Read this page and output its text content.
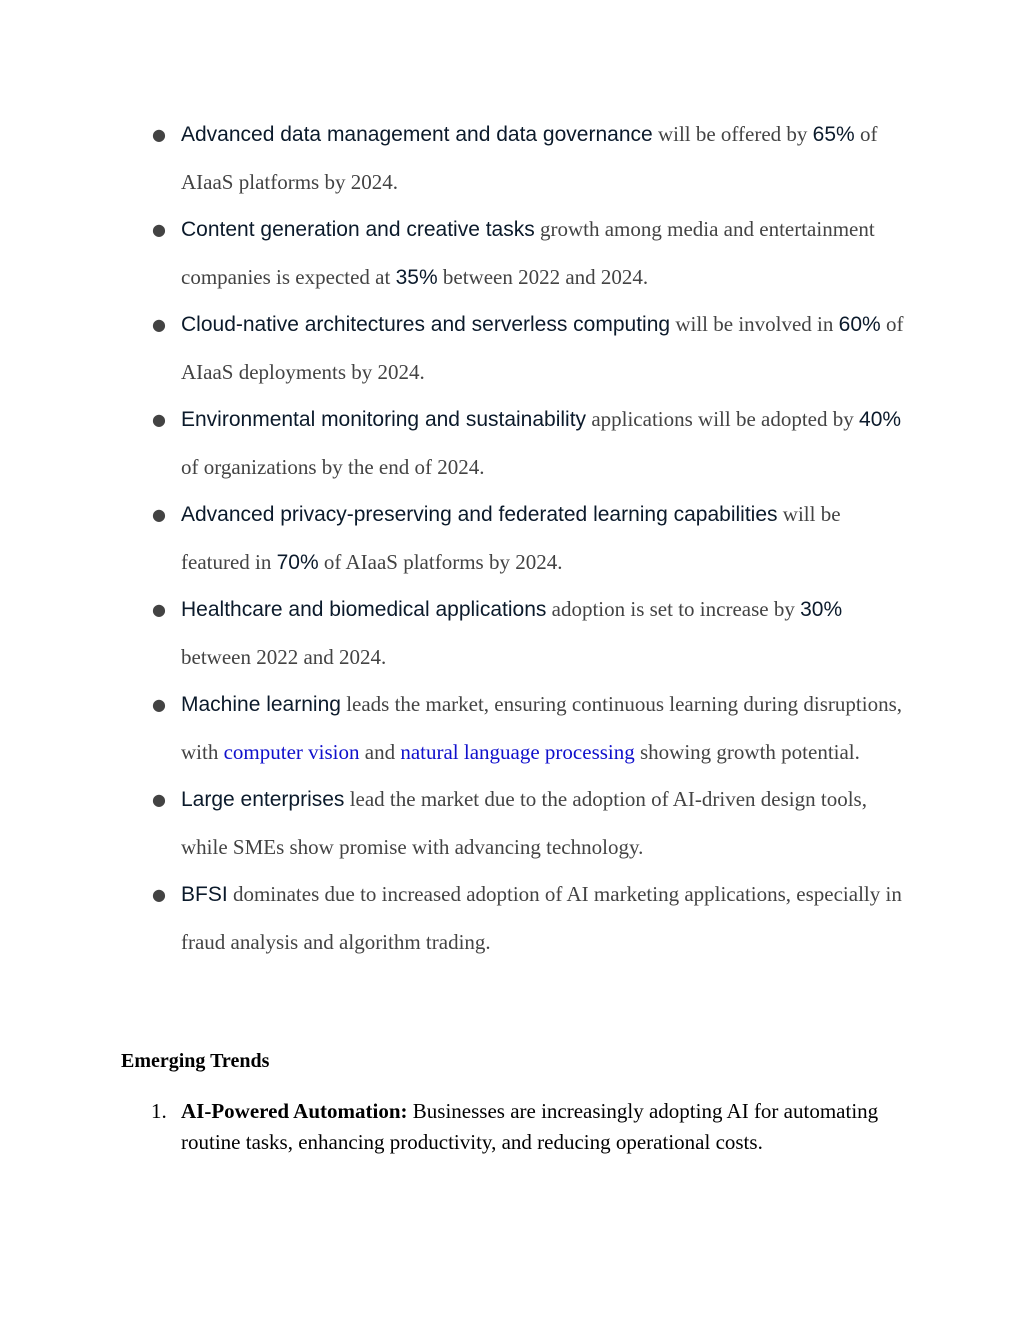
● Advanced data management and data governance will be offered by 65% of AIaaS platforms by 2024.
● Content generation and creative tasks growth among media and entertainment companies is expected at 35% between 2022 and 2024.
● Cloud-native architectures and serverless computing will be involved in 60% of AIaaS deployments by 2024.
● Environmental monitoring and sustainability applications will be adopted by 40% of organizations by the end of 2024.
● Advanced privacy-preserving and federated learning capabilities will be featured in 70% of AIaaS platforms by 2024.
● Healthcare and biomedical applications adoption is set to increase by 30% between 2022 and 2024.
● Machine learning leads the market, ensuring continuous learning during disruptions, with computer vision and natural language processing showing growth potential.
● Large enterprises lead the market due to the adoption of AI-driven design tools, while SMEs show promise with advancing technology.
● BFSI dominates due to increased adoption of AI marketing applications, especially in fraud analysis and algorithm trading.
Emerging Trends
1. AI-Powered Automation: Businesses are increasingly adopting AI for automating routine tasks, enhancing productivity, and reducing operational costs.
